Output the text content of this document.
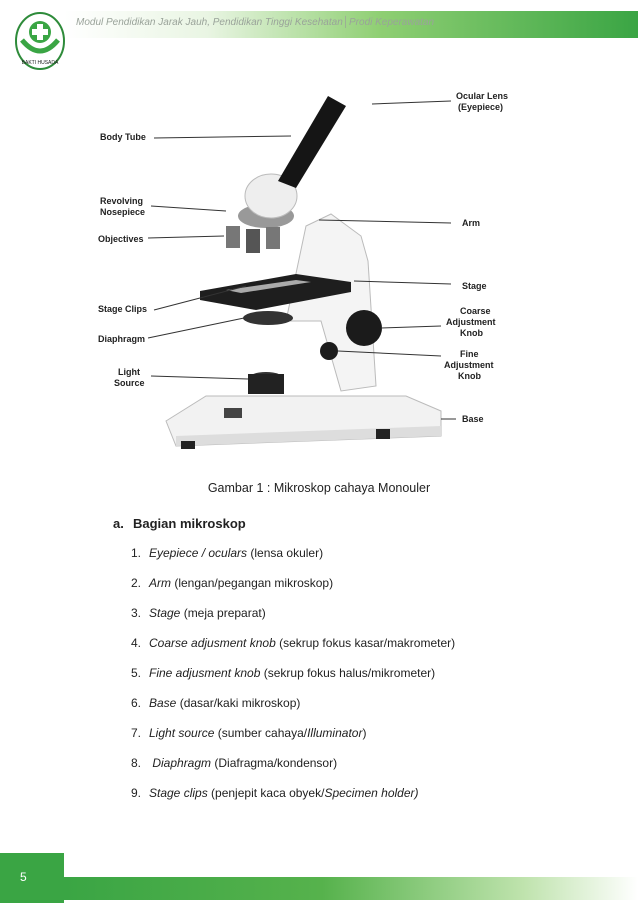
Modul Pendidikan Jarak Jauh, Pendidikan Tinggi Kesehatan│Prodi Keperawatan
BAKTI HUSADA
Ocular Lens
(Eyepiece)
Body Tube
Revolving
Nosepiece
Objectives
Arm
Stage
Stage Clips	Coarse
Adjustment
Knob
Diaphragm
Fine
Adjustment
Knob
Light
Source
Base
Gambar 1 : Mikroskop cahaya Monouler
a. Bagian mikroskop
1. Eyepiece / oculars (lensa okuler)
2. Arm (lengan/pegangan mikroskop)
3. Stage (meja preparat)
4. Coarse adjusment knob (sekrup fokus kasar/makrometer)
5. Fine adjusment knob (sekrup fokus halus/mikrometer)
6. Base (dasar/kaki mikroskop)
7. Light source (sumber cahaya/Illuminator)
8. Diaphragm (Diafragma/kondensor)
9. Stage clips (penjepit kaca obyek/Specimen holder)
5
